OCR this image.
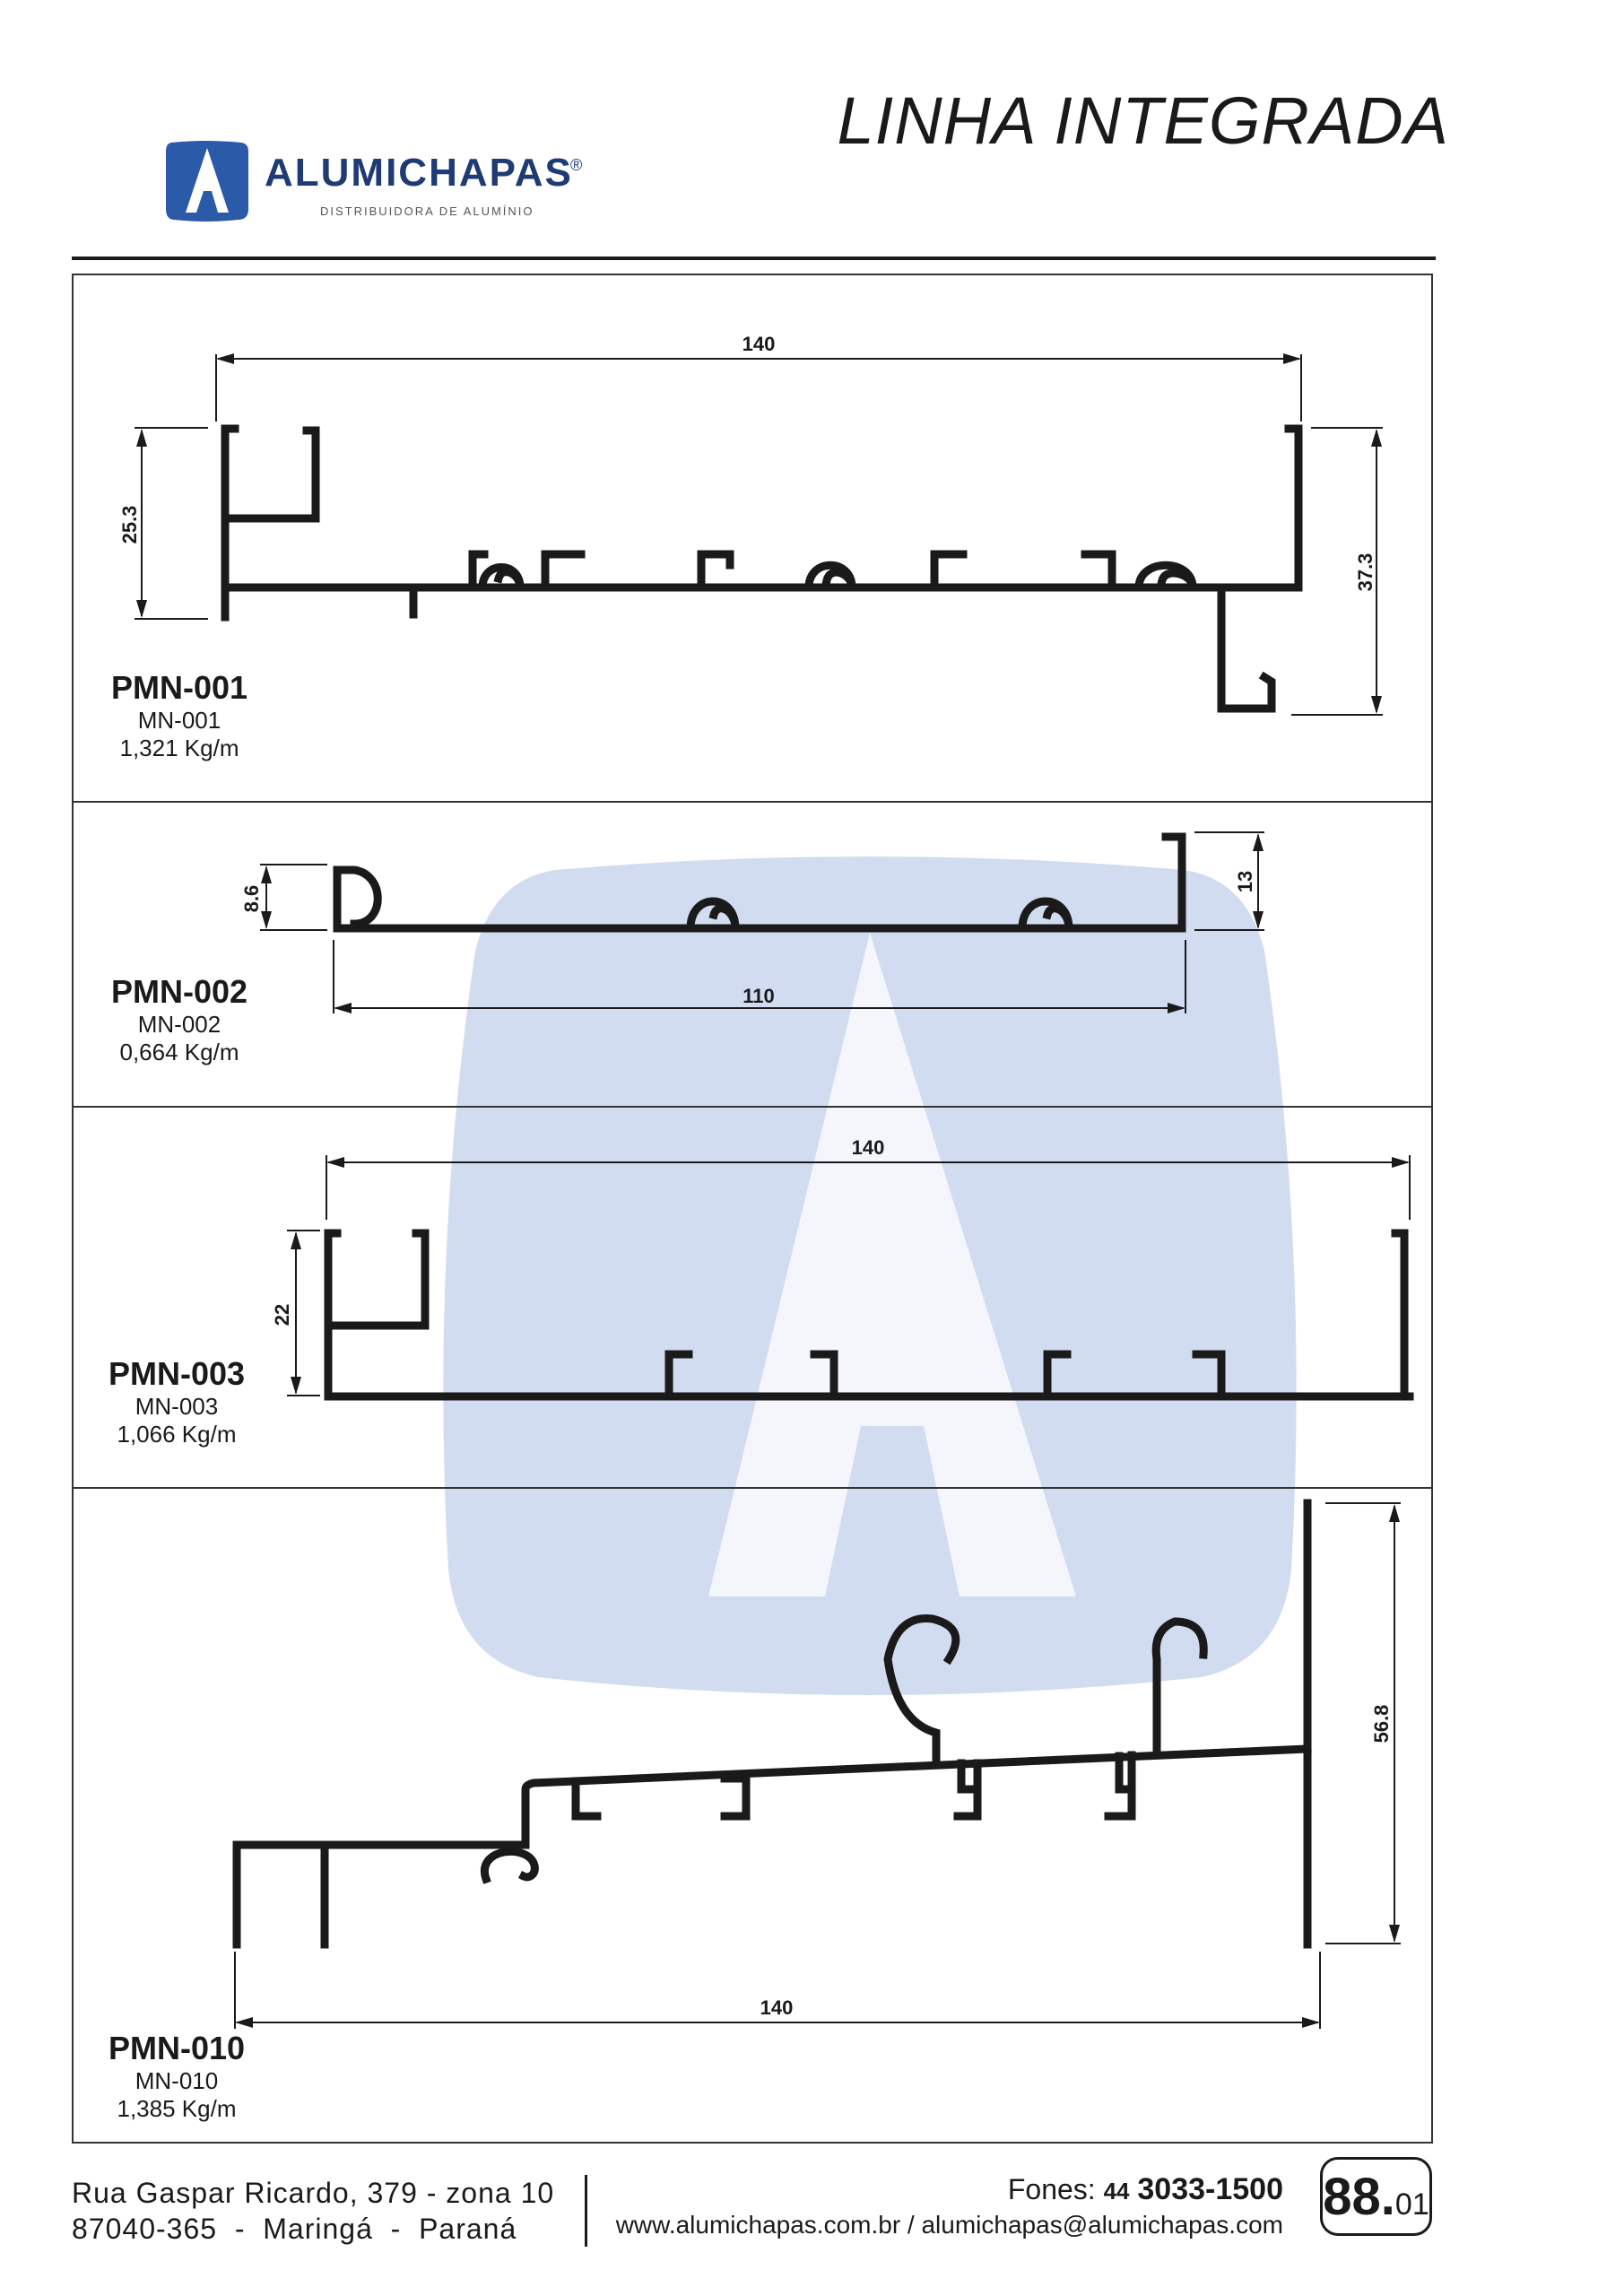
ALUMICHAPAS
®
DISTRIBUIDORA DE ALUMÍNIO
LINHA INTEGRADA
140
25.3
37.3
8.6
13
110
140
22
56.8
140
PMN-001
MN-001
1,321 Kg/m
PMN-002
MN-002
0,664 Kg/m
PMN-003
MN-003
1,066 Kg/m
PMN-010
MN-010
1,385 Kg/m
Rua Gaspar Ricardo, 379 - zona 10
87040-365  -  Maringá  -  Paraná
Fones: 44 3033-1500
www.alumichapas.com.br / alumichapas@alumichapas.com 88.01
